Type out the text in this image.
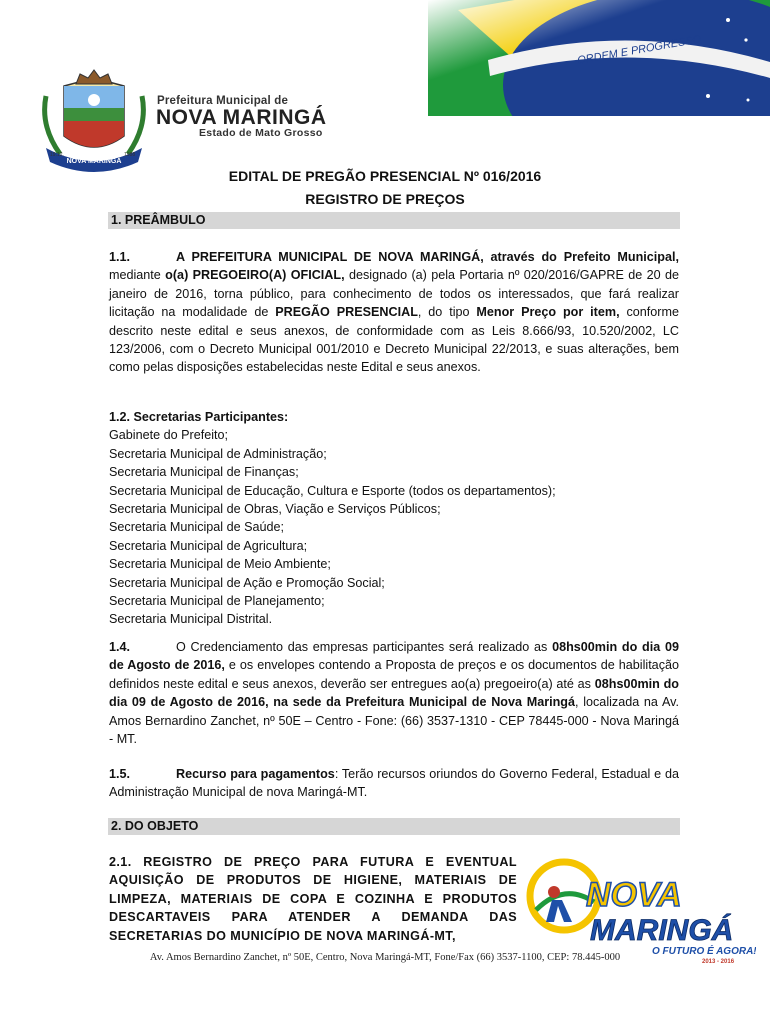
ORDEM E PROGRESSO
NOVA MARINGÁ
19.12.	1988
Prefeitura Municipal de
NOVA MARINGÁ
Estado de Mato Grosso
EDITAL DE PREGÃO PRESENCIAL Nº 016/2016
REGISTRO DE PREÇOS
1. PREÂMBULO
1.1.	A PREFEITURA MUNICIPAL DE NOVA MARINGÁ, através do Prefeito Municipal, mediante o(a) PREGOEIRO(A) OFICIAL, designado (a) pela Portaria nº 020/2016/GAPRE de 20 de janeiro de 2016, torna público, para conhecimento de todos os interessados, que fará realizar licitação na modalidade de PREGÃO PRESENCIAL, do tipo Menor Preço por item, conforme descrito neste edital e seus anexos, de conformidade com as Leis 8.666/93, 10.520/2002, LC 123/2006, com o Decreto Municipal 001/2010 e Decreto Municipal 22/2013, e suas alterações, bem como pelas disposições estabelecidas neste Edital e seus anexos.
1.2. Secretarias Participantes:
Gabinete do Prefeito;
Secretaria Municipal de Administração;
Secretaria Municipal de Finanças;
Secretaria Municipal de Educação, Cultura e Esporte (todos os departamentos);
Secretaria Municipal de Obras, Viação e Serviços Públicos;
Secretaria Municipal de Saúde;
Secretaria Municipal de Agricultura;
Secretaria Municipal de Meio Ambiente;
Secretaria Municipal de Ação e Promoção Social;
Secretaria Municipal de Planejamento;
Secretaria Municipal Distrital.
1.4.	O Credenciamento das empresas participantes será realizado as 08hs00min do dia 09 de Agosto de 2016, e os envelopes contendo a Proposta de preços e os documentos de habilitação definidos neste edital e seus anexos, deverão ser entregues ao(a) pregoeiro(a) até as 08hs00min do dia 09 de Agosto de 2016, na sede da Prefeitura Municipal de Nova Maringá, localizada na Av. Amos Bernardino Zanchet, nº 50E – Centro - Fone: (66) 3537-1310 - CEP 78445-000 - Nova Maringá - MT.
1.5.	Recurso para pagamentos: Terão recursos oriundos do Governo Federal, Estadual e da Administração Municipal de nova Maringá-MT.
2. DO OBJETO
2.1. REGISTRO DE PREÇO PARA FUTURA E EVENTUAL AQUISIÇÃO DE PRODUTOS DE HIGIENE, MATERIAIS DE LIMPEZA, MATERIAIS DE COPA E COZINHA E PRODUTOS DESCARTAVEIS PARA ATENDER A DEMANDA DAS SECRETARIAS DO MUNICÍPIO DE NOVA MARINGÁ-MT,
NOVA
MARINGÁ
O FUTURO É AGORA!
2013 - 2016
Av. Amos Bernardino Zanchet, nº 50E, Centro, Nova Maringá-MT, Fone/Fax (66) 3537-1100, CEP: 78.445-000
